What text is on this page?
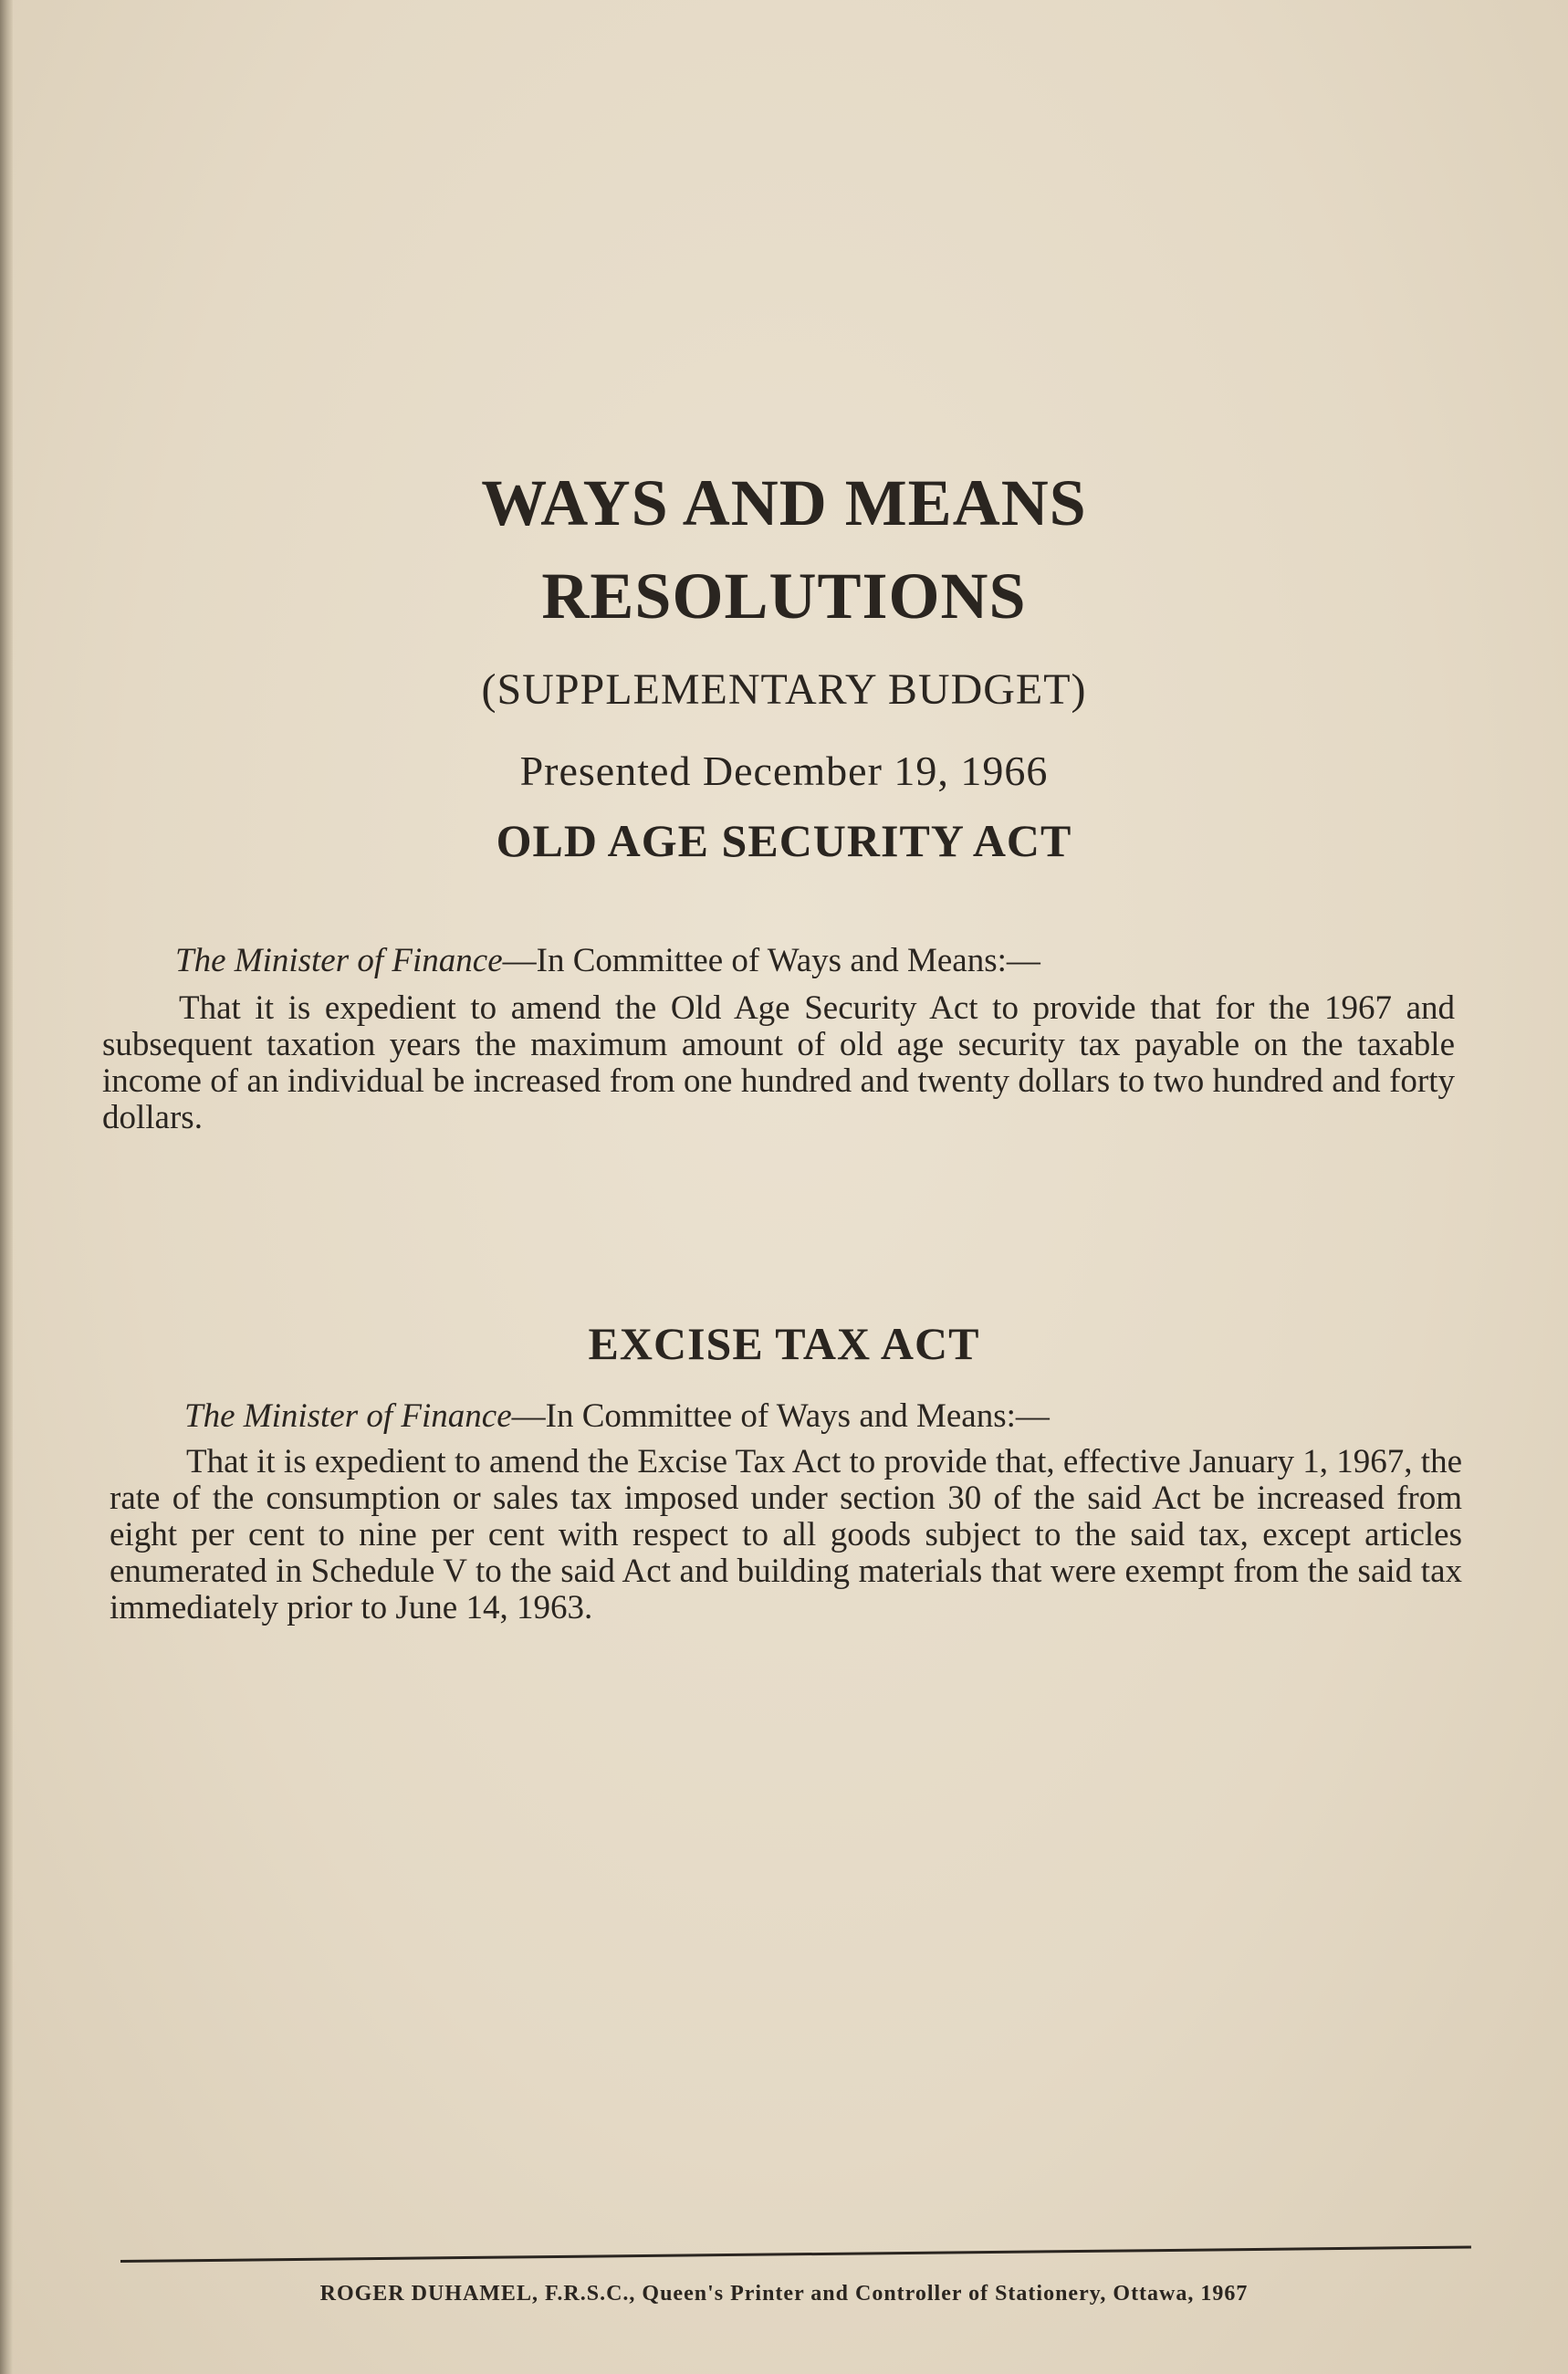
WAYS AND MEANS
RESOLUTIONS
(SUPPLEMENTARY BUDGET)
Presented December 19, 1966
OLD AGE SECURITY ACT
The Minister of Finance—In Committee of Ways and Means:—
That it is expedient to amend the Old Age Security Act to provide that for the 1967 and subsequent taxation years the maximum amount of old age security tax payable on the taxable income of an individual be increased from one hundred and twenty dollars to two hundred and forty dollars.
EXCISE TAX ACT
The Minister of Finance—In Committee of Ways and Means:—
That it is expedient to amend the Excise Tax Act to provide that, effective January 1, 1967, the rate of the consumption or sales tax imposed under section 30 of the said Act be increased from eight per cent to nine per cent with respect to all goods subject to the said tax, except articles enumerated in Schedule V to the said Act and building materials that were exempt from the said tax immediately prior to June 14, 1963.
ROGER DUHAMEL, F.R.S.C., Queen's Printer and Controller of Stationery, Ottawa, 1967
